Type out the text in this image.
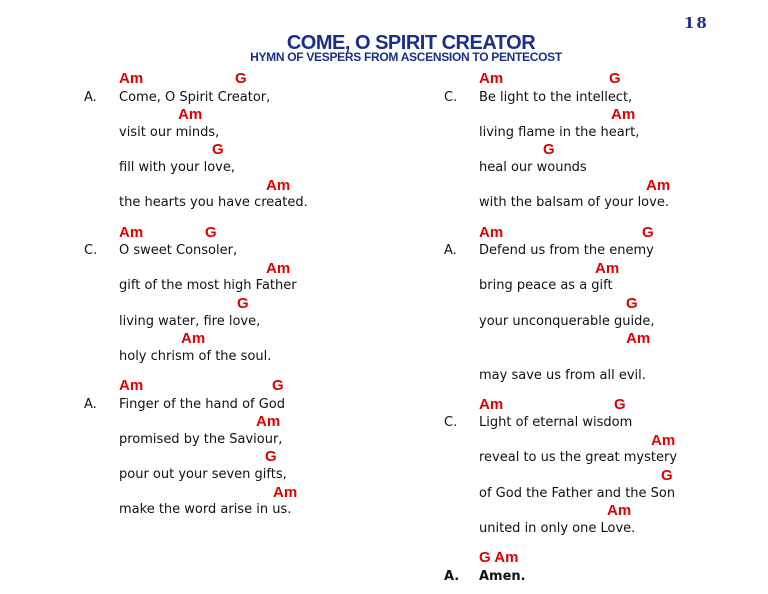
18
COME, O SPIRIT CREATOR
HYMN OF VESPERS FROM ASCENSION TO PENTECOST
Am	G
A. Come, O Spirit Creator,
Am
visit our minds,
G
fill with your love,
Am
the hearts you have created.
Am	G
C. O sweet Consoler,
Am
gift of the most high Father
G
living water, fire love,
Am
holy chrism of the soul.
Am	G
A. Finger of the hand of God
Am
promised by the Saviour,
G
pour out your seven gifts,
Am
make the word arise in us.
Am	G
C. Be light to the intellect,
Am
living flame in the heart,
G
heal our wounds
Am
with the balsam of your love.
Am	G
A. Defend us from the enemy
Am
bring peace as a gift
G
your unconquerable guide,
Am
may save us from all evil.
Am	G
C. Light of eternal wisdom
Am
reveal to us the great mystery
G
of God the Father and the Son
Am
united in only one Love.
G Am
A. Amen.
